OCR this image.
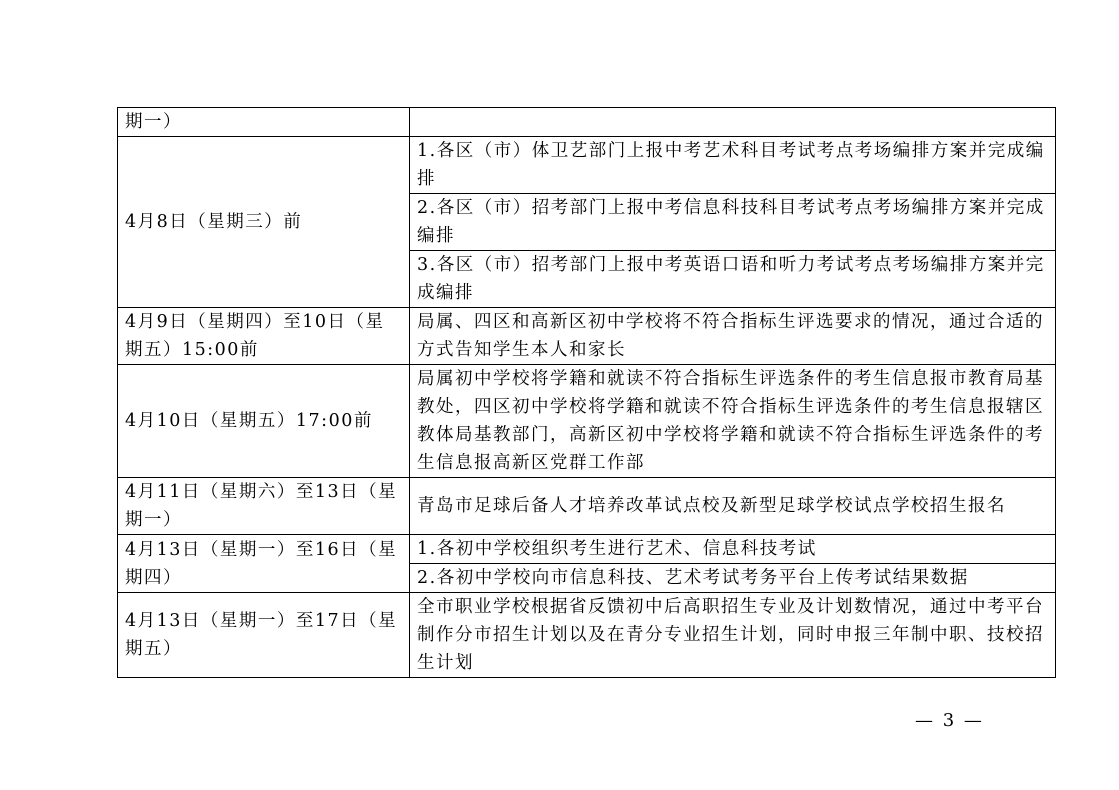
期一）	
4月8日（星期三）前	1.各区（市）体卫艺部门上报中考艺术科目考试考点考场编排方案并完成编排
	2.各区（市）招考部门上报中考信息科技科目考试考点考场编排方案并完成编排
	3.各区（市）招考部门上报中考英语口语和听力考试考点考场编排方案并完成编排
4月9日（星期四）至10日（星期五）15:00前	局属、四区和高新区初中学校将不符合指标生评选要求的情况，通过合适的方式告知学生本人和家长
4月10日（星期五）17:00前	局属初中学校将学籍和就读不符合指标生评选条件的考生信息报市教育局基教处，四区初中学校将学籍和就读不符合指标生评选条件的考生信息报辖区教体局基教部门，高新区初中学校将学籍和就读不符合指标生评选条件的考生信息报高新区党群工作部
4月11日（星期六）至13日（星期一）	青岛市足球后备人才培养改革试点校及新型足球学校试点学校招生报名
4月13日（星期一）至16日（星期四）	1.各初中学校组织考生进行艺术、信息科技考试
	2.各初中学校向市信息科技、艺术考试考务平台上传考试结果数据
4月13日（星期一）至17日（星期五）	全市职业学校根据省反馈初中后高职招生专业及计划数情况，通过中考平台制作分市招生计划以及在青分专业招生计划，同时申报三年制中职、技校招生计划
— 3 —
